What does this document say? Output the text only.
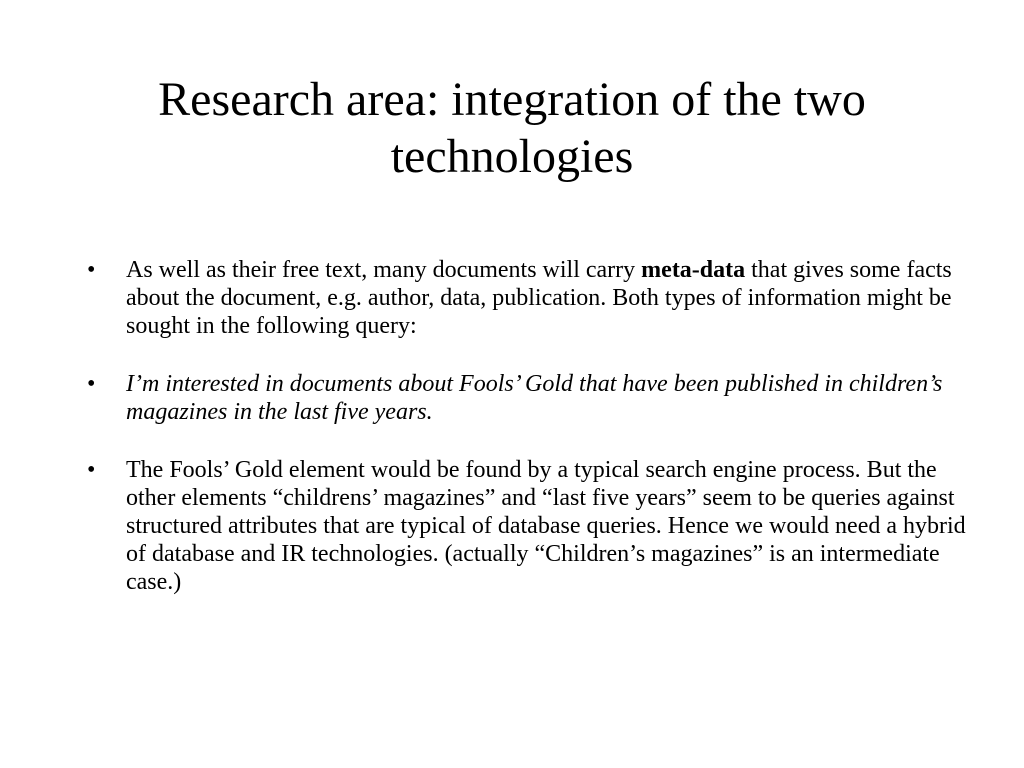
Research area: integration of the two technologies
• As well as their free text, many documents will carry meta-data that gives some facts about the document, e.g. author, data, publication. Both types of information might be sought in the following query:
• I’m interested in documents about Fools’ Gold that have been published in children’s magazines in the last five years.
• The Fools’ Gold element would be found by a typical search engine process. But the other elements “childrens’ magazines” and “last five years” seem to be queries against structured attributes that are typical of database queries. Hence we would need a hybrid of database and IR technologies. (actually “Children’s magazines” is an intermediate case.)
